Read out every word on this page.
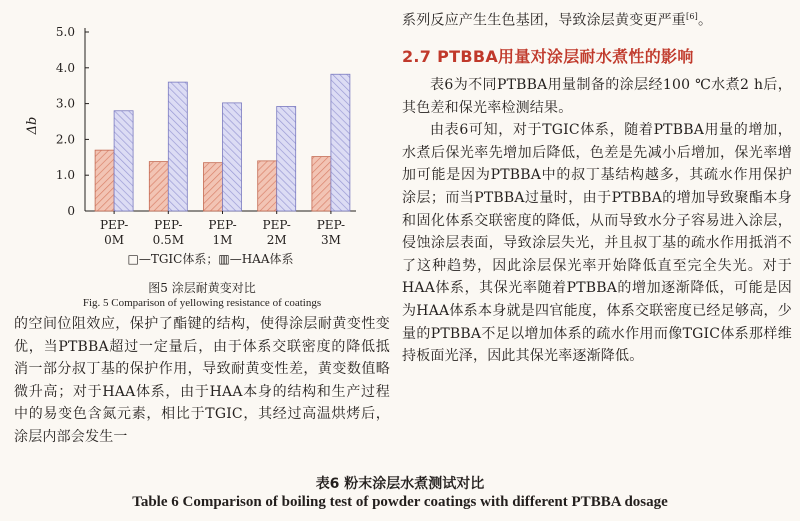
0
1.0
2.0
3.0
4.0
5.0
Δb
PEP-
0M
PEP-
0.5M
PEP-
1M
PEP-
2M
PEP-
3M
□—TGIC体系；▥—HAA体系
图5 涂层耐黄变对比
Fig. 5 Comparison of yellowing resistance of coatings
的空间位阻效应，保护了酯键的结构，使得涂层耐黄变性变优，当PTBBA超过一定量后，由于体系交联密度的降低抵消一部分叔丁基的保护作用，导致耐黄变性差，黄变数值略微升高；对于HAA体系，由于HAA本身的结构和生产过程中的易变色含氮元素，相比于TGIC，其经过高温烘烤后，涂层内部会发生一
系列反应产生生色基团，导致涂层黄变更严重[6]。
2.7 PTBBA用量对涂层耐水煮性的影响

表6为不同PTBBA用量制备的涂层经100 ℃水煮2 h后，其色差和保光率检测结果。

由表6可知，对于TGIC体系，随着PTBBA用量的增加，水煮后保光率先增加后降低，色差是先减小后增加，保光率增加可能是因为PTBBA中的叔丁基结构越多，其疏水作用保护涂层；而当PTBBA过量时，由于PTBBA的增加导致聚酯本身和固化体系交联密度的降低，从而导致水分子容易进入涂层，侵蚀涂层表面，导致涂层失光，并且叔丁基的疏水作用抵消不了这种趋势，因此涂层保光率开始降低直至完全失光。对于HAA体系，其保光率随着PTBBA的增加逐渐降低，可能是因为HAA体系本身就是四官能度，体系交联密度已经足够高，少量的PTBBA不足以增加体系的疏水作用而像TGIC体系那样维持板面光泽，因此其保光率逐渐降低。

表6 粉末涂层水煮测试对比
Table 6 Comparison of boiling test of powder coatings with different PTBBA dosage
